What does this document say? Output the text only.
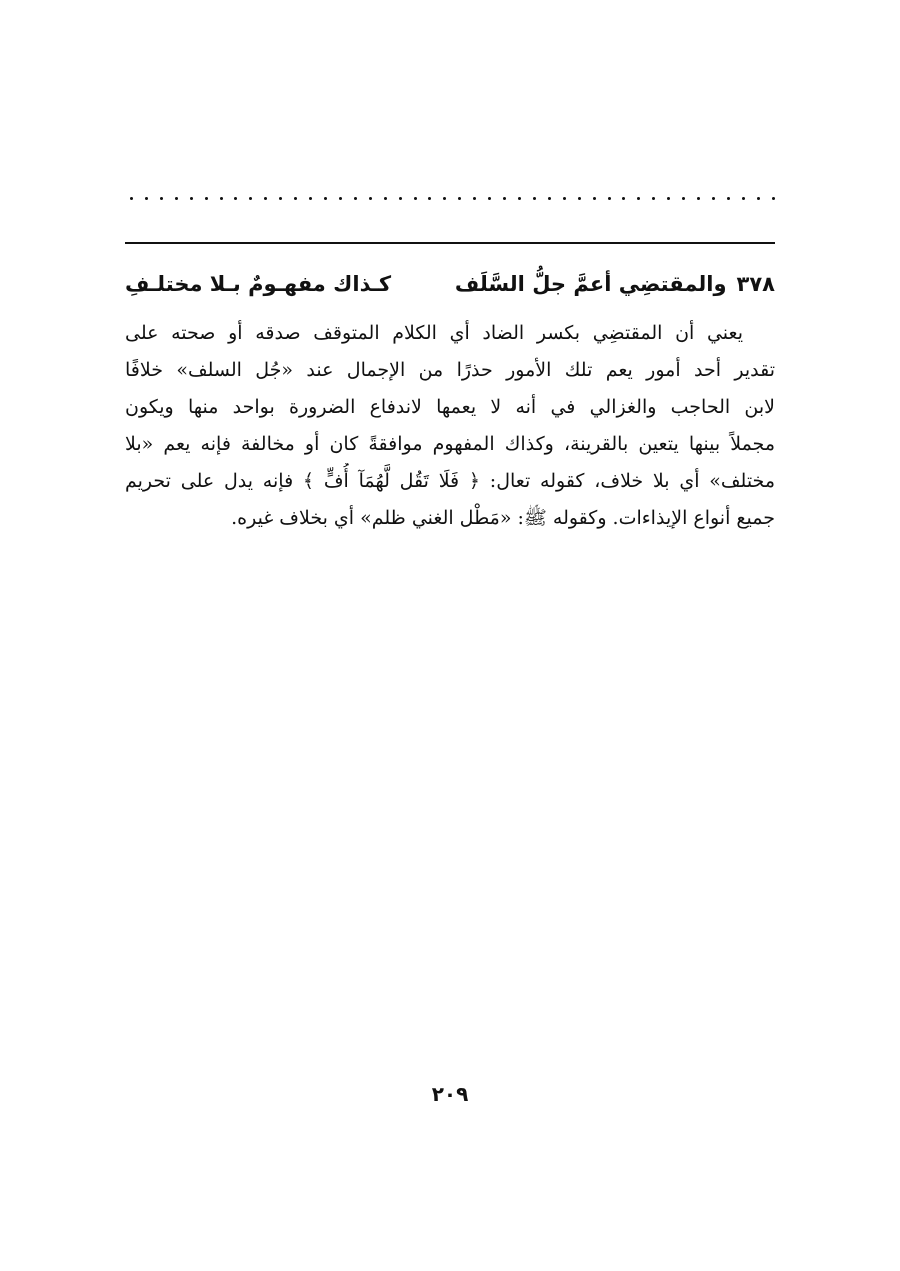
٣٧٨
والمقتضِي أعمَّ جلُّ السَّلَف
كـذاك مفهـومٌ بـلا مختلـفِ
يعني أن المقتضِي بكسر الضاد أي الكلام المتوقف صدقه أو صحته على
تقدير أحد أمور يعم تلك الأمور حذرًا من الإجمال عند «جُل السلف» خلافًا
لابن الحاجب والغزالي في أنه لا يعمها لاندفاع الضرورة بواحد منها ويكون
مجملاً بينها يتعين بالقرينة، وكذاك المفهوم موافقةً كان أو مخالفة فإنه يعم «بلا
مختلف» أي بلا خلاف، كقوله تعال: ﴿ فَلَا تَقُل لَّهُمَآ أُفٍّ ﴾ فإنه يدل على تحريم
جميع أنواع الإيذاءات. وكقوله ﷺ: «مَطْل الغني ظلم» أي بخلاف غيره.
٢٠٩
